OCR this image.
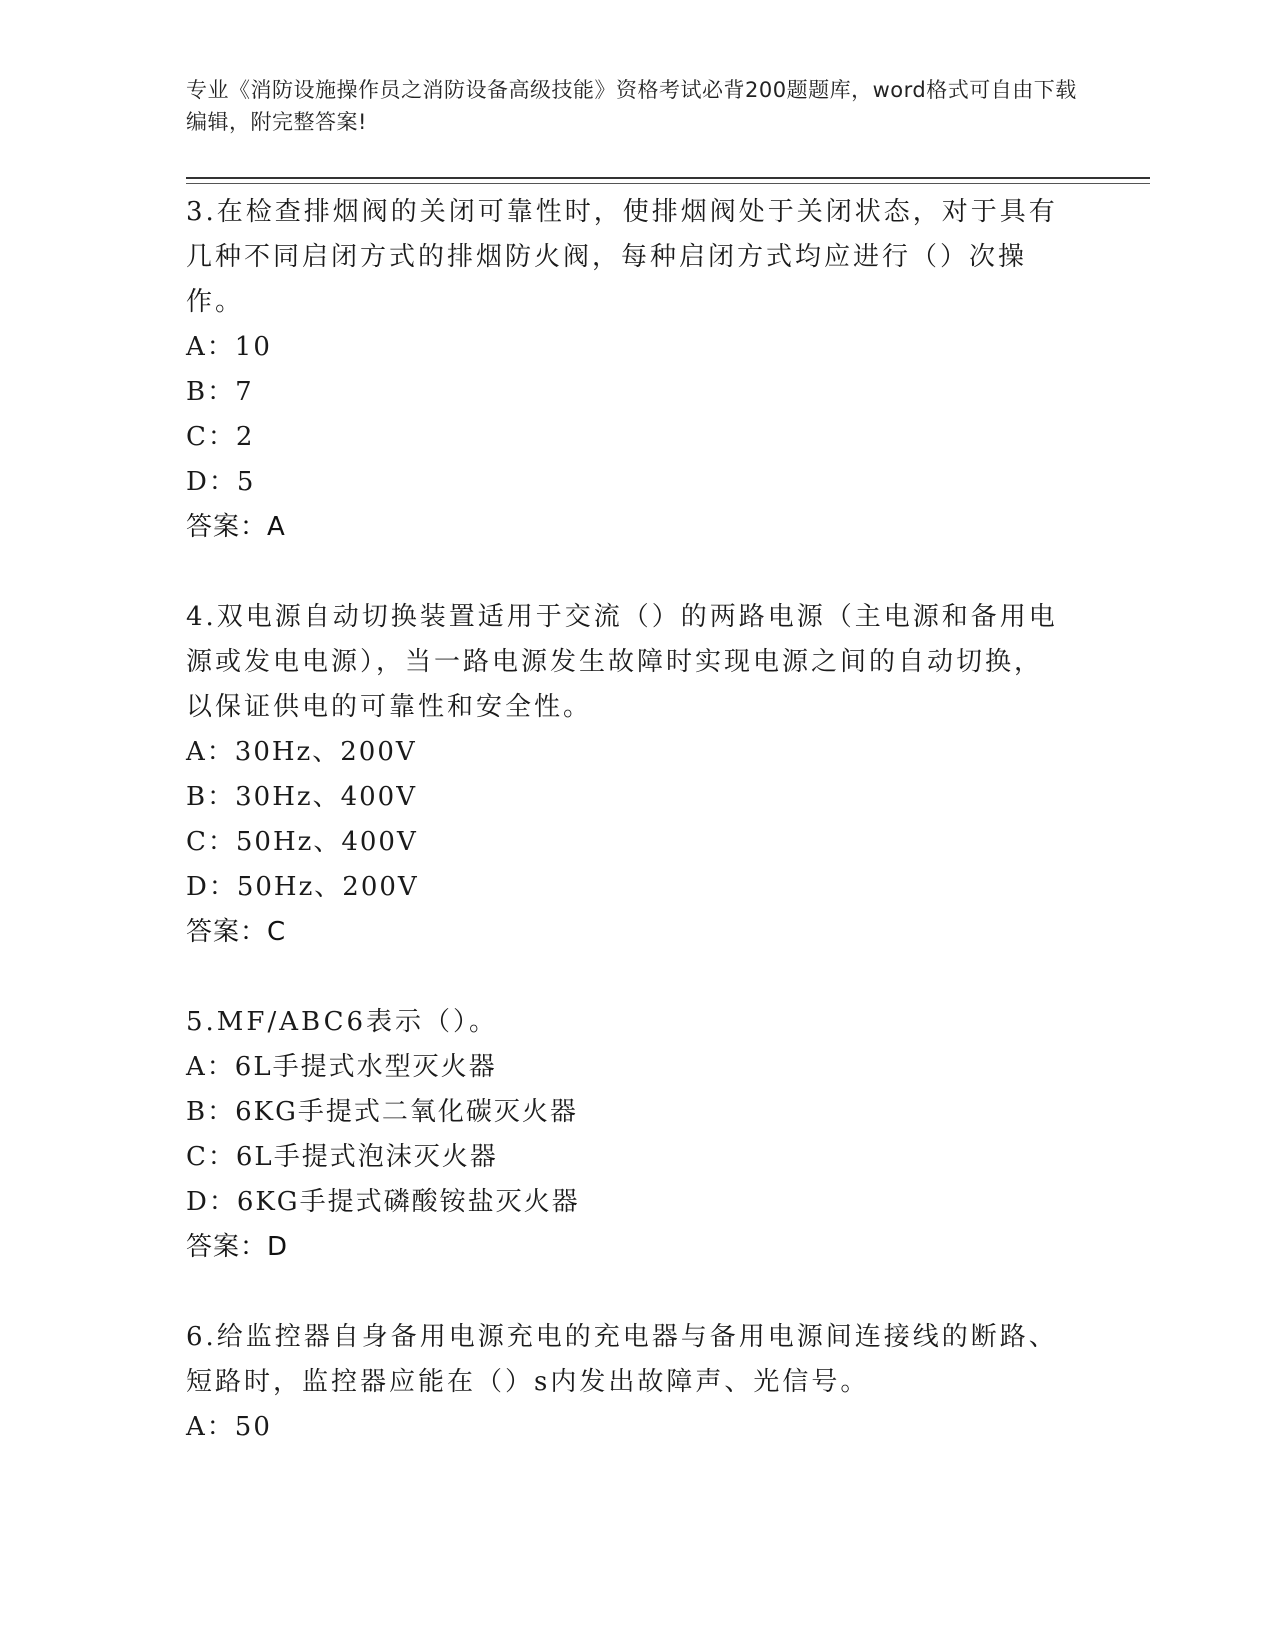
专业《消防设施操作员之消防设备高级技能》资格考试必背200题题库，word格式可自由下载编辑，附完整答案!

3.在检查排烟阀的关闭可靠性时，使排烟阀处于关闭状态，对于具有几种不同启闭方式的排烟防火阀，每种启闭方式均应进行（）次操作。

A：10

B：7

C：2

D：5

答案：A

4.双电源自动切换装置适用于交流（）的两路电源（主电源和备用电源或发电电源），当一路电源发生故障时实现电源之间的自动切换，以保证供电的可靠性和安全性。

A：30Hz、200V

B：30Hz、400V

C：50Hz、400V

D：50Hz、200V

答案：C

5.MF/ABC6表示（）。

A：6L手提式水型灭火器

B：6KG手提式二氧化碳灭火器

C：6L手提式泡沫灭火器

D：6KG手提式磷酸铵盐灭火器

答案：D

6.给监控器自身备用电源充电的充电器与备用电源间连接线的断路、短路时，监控器应能在（）s内发出故障声、光信号。

A：50
